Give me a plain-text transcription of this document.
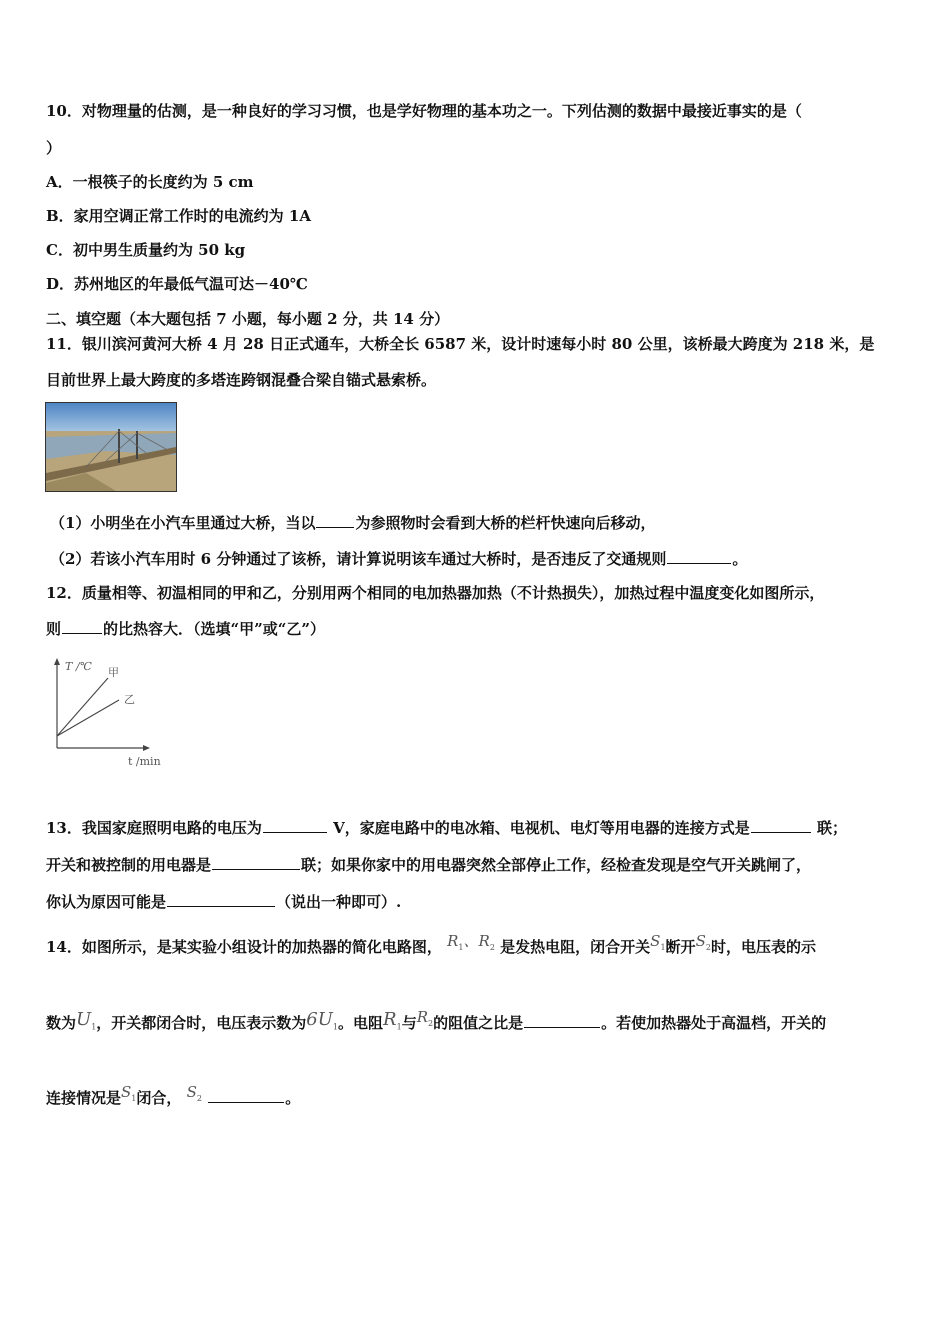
10．对物理量的估测，是一种良好的学习习惯，也是学好物理的基本功之一。下列估测的数据中最接近事实的是（
）
A．一根筷子的长度约为 5 cm
B．家用空调正常工作时的电流约为 1A
C．初中男生质量约为 50 kg
D．苏州地区的年最低气温可达－40℃
二、填空题（本大题包括 7 小题，每小题 2 分，共 14 分）
11．银川滨河黄河大桥 4 月 28 日正式通车，大桥全长 6587 米，设计时速每小时 80 公里，该桥最大跨度为 218 米，是
目前世界上最大跨度的多塔连跨钢混叠合梁自锚式悬索桥。
（1）小明坐在小汽车里通过大桥，当以	为参照物时会看到大桥的栏杆快速向后移动，
（2）若该小汽车用时 6 分钟通过了该桥，请计算说明该车通过大桥时，是否违反了交通规则	。
12．质量相等、初温相同的甲和乙，分别用两个相同的电加热器加热（不计热损失），加热过程中温度变化如图所示，
则	的比热容大．（选填“甲”或“乙”）
T /℃ 甲
乙
t /min
13．我国家庭照明电路的电压为	V，家庭电路中的电冰箱、电视机、电灯等用电器的连接方式是	联；
开关和被控制的用电器是	联；如果你家中的用电器突然全部停止工作，经检查发现是空气开关跳闸了，
你认为原因可能是	（说出一种即可）.
14．如图所示，是某实验小组设计的加热器的简化电路图， $R_1$、$R_2$ 是发热电阻，闭合开关$S_1$断开$S_2$时，电压表的示
数为$U_1$，开关都闭合时，电压表示数为$6U_1$。电阻$R_1$与$R_2$的阻值之比是	。若使加热器处于高温档，开关的
连接情况是$S_1$闭合， $S_2$	。
